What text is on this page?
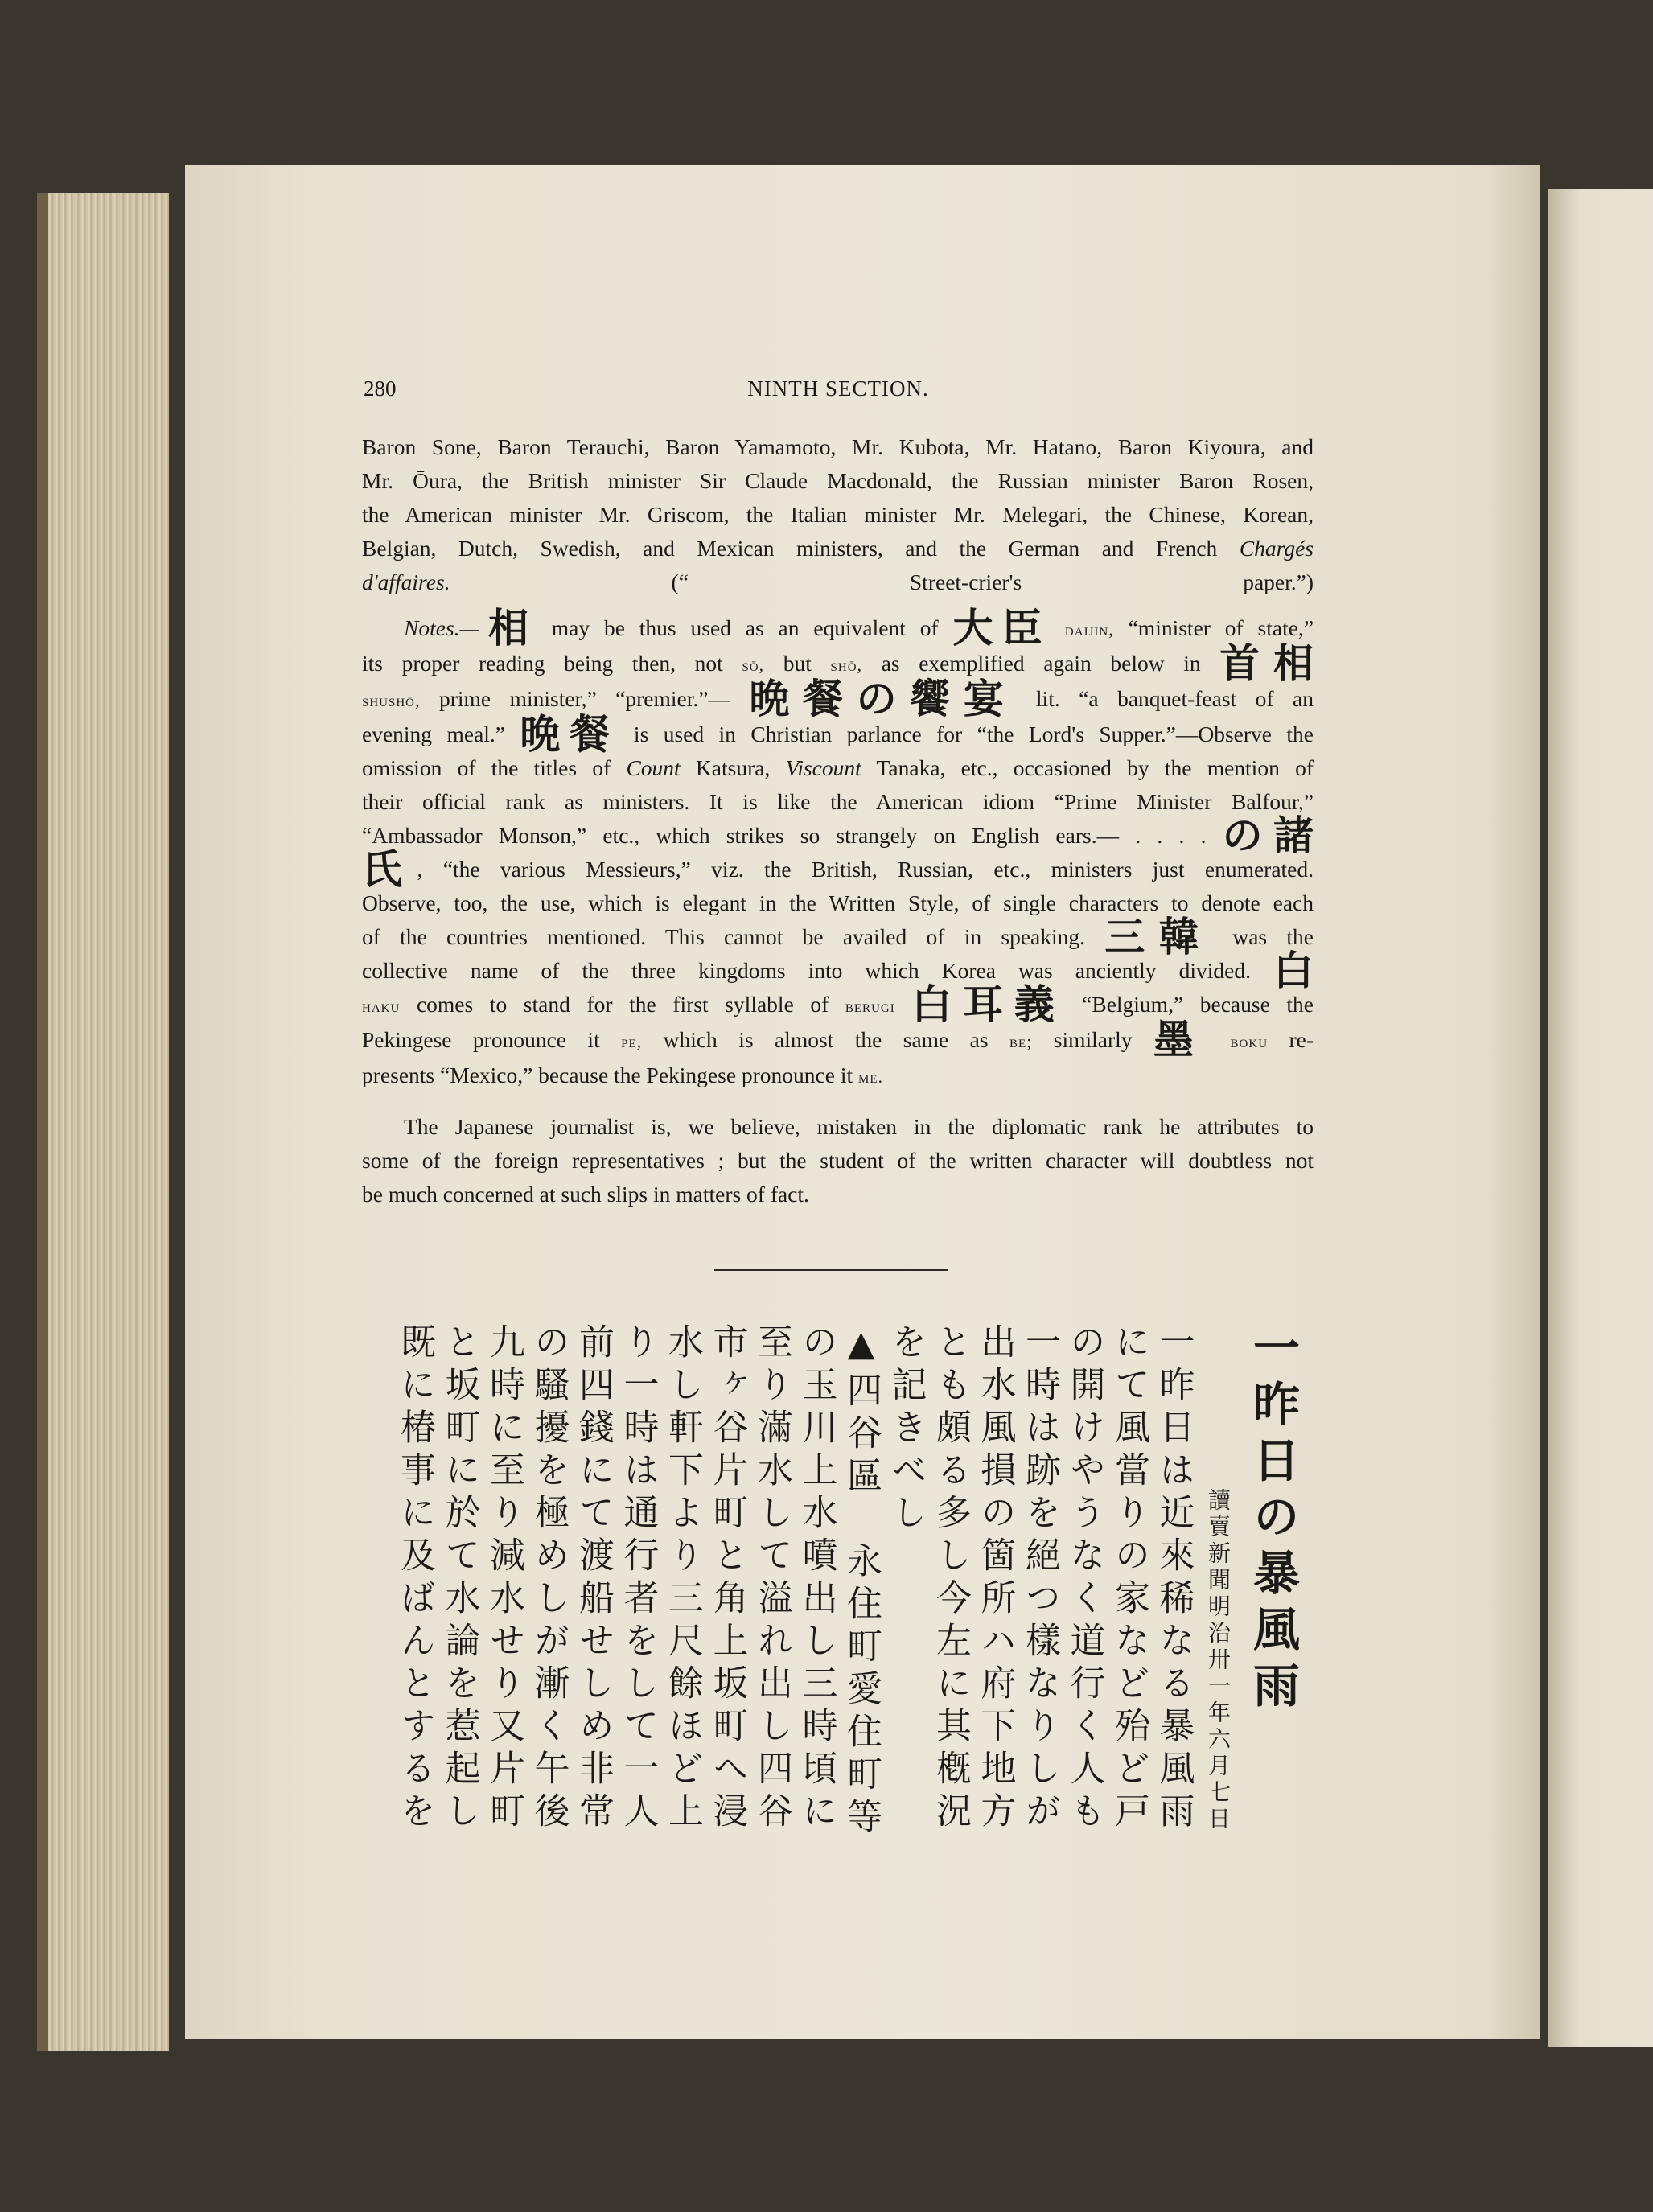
280	NINTH SECTION.
Baron Sone, Baron Terauchi, Baron Yamamoto, Mr. Kubota, Mr. Hatano, Baron Kiyoura, and
Mr. Ōura, the British minister Sir Claude Macdonald, the Russian minister Baron Rosen,
the American minister Mr. Griscom, the Italian minister Mr. Melegari, the Chinese, Korean,
Belgian, Dutch, Swedish, and Mexican ministers, and the German and French Chargés
d'affaires.	(“ Street-crier's paper.”)
Notes.—相 may be thus used as an equivalent of 大臣 daijin, “minister of state,”
its proper reading being then, not sō, but shō, as exemplified again below in 首相
shushō, prime minister,” “premier.”— 晩餐の饗宴 lit. “a banquet-feast of an
evening meal.” 晩餐 is used in Christian parlance for “the Lord's Supper.”—Observe the
omission of the titles of Count Katsura, Viscount Tanaka, etc., occasioned by the mention of
their official rank as ministers. It is like the American idiom “Prime Minister Balfour,”
“Ambassador Monson,” etc., which strikes so strangely on English ears.— . . . . の諸
氏, “the various Messieurs,” viz. the British, Russian, etc., ministers just enumerated.
Observe, too, the use, which is elegant in the Written Style, of single characters to denote each
of the countries mentioned. This cannot be availed of in speaking. 三韓 was the
collective name of the three kingdoms into which Korea was anciently divided. 白
haku comes to stand for the first syllable of berugi 白耳義 “Belgium,” because the
Pekingese pronounce it pe, which is almost the same as be; similarly 墨 boku re-
presents “Mexico,” because the Pekingese pronounce it me.
The Japanese journalist is, we believe, mistaken in the diplomatic rank he attributes to
some of the foreign representatives ; but the student of the written character will doubtless not
be much concerned at such slips in matters of fact.
一昨日の暴風雨
讀賣新聞明治卅一年六月七日
一昨日は近來稀なる暴風雨
にて風當りの家など殆ど戸
の開けやうなく道行く人も
一時は跡を絕つ樣なりしが
出水風損の箇所ハ府下地方
とも頗る多し今左に其槪況
を記きべし
▲四谷區　永住町愛住町等
の玉川上水噴出し三時頃に
至り滿水して溢れ出し四谷
市ヶ谷片町と角上坂町へ浸
水し軒下より三尺餘ほど上
り一時は通行者をして一人
前四錢にて渡船せしめ非常
の騷擾を極めしが漸く午後
九時に至り減水せり又片町
と坂町に於て水論を惹起し
既に椿事に及ばんとするを
